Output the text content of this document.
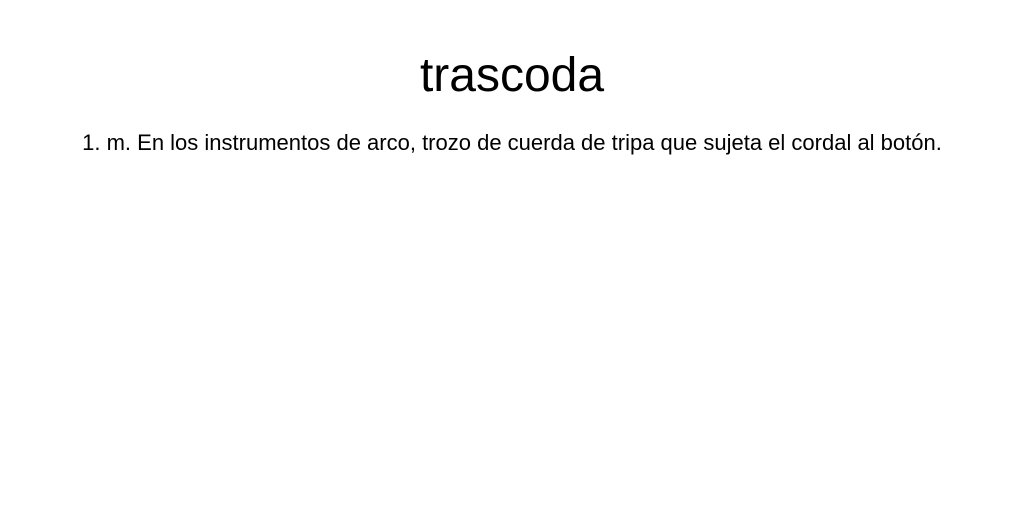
trascoda

1. m. En los instrumentos de arco, trozo de cuerda de tripa que sujeta el cordal al botón.
